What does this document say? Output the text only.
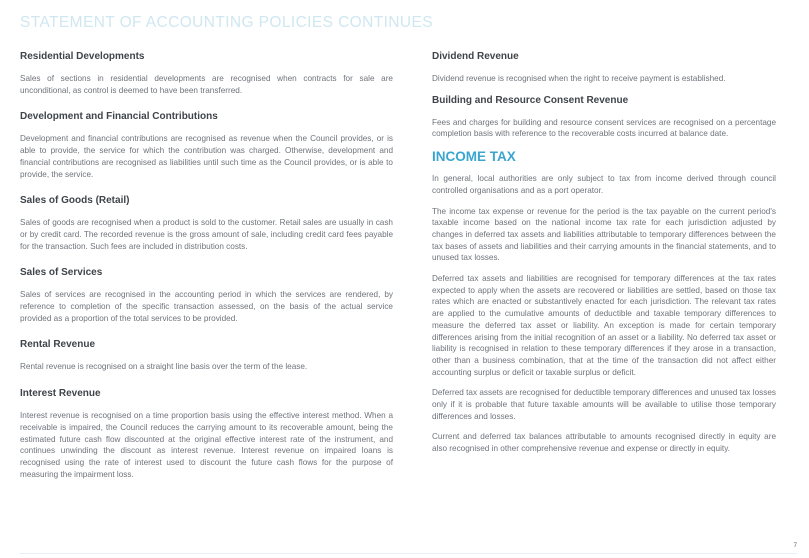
STATEMENT OF ACCOUNTING POLICIES CONTINUES
Residential Developments
Sales of sections in residential developments are recognised when contracts for sale are unconditional, as control is deemed to have been transferred.
Development and Financial Contributions
Development and financial contributions are recognised as revenue when the Council provides, or is able to provide, the service for which the contribution was charged. Otherwise, development and financial contributions are recognised as liabilities until such time as the Council provides, or is able to provide, the service.
Sales of Goods (Retail)
Sales of goods are recognised when a product is sold to the customer. Retail sales are usually in cash or by credit card. The recorded revenue is the gross amount of sale, including credit card fees payable for the transaction. Such fees are included in distribution costs.
Sales of Services
Sales of services are recognised in the accounting period in which the services are rendered, by reference to completion of the specific transaction assessed, on the basis of the actual service provided as a proportion of the total services to be provided.
Rental Revenue
Rental revenue is recognised on a straight line basis over the term of the lease.
Interest Revenue
Interest revenue is recognised on a time proportion basis using the effective interest method. When a receivable is impaired, the Council reduces the carrying amount to its recoverable amount, being the estimated future cash flow discounted at the original effective interest rate of the instrument, and continues unwinding the discount as interest revenue. Interest revenue on impaired loans is recognised using the rate of interest used to discount the future cash flows for the purpose of measuring the impairment loss.
Dividend Revenue
Dividend revenue is recognised when the right to receive payment is established.
Building and Resource Consent Revenue
Fees and charges for building and resource consent services are recognised on a percentage completion basis with reference to the recoverable costs incurred at balance date.
INCOME TAX
In general, local authorities are only subject to tax from income derived through council controlled organisations and as a port operator.
The income tax expense or revenue for the period is the tax payable on the current period's taxable income based on the national income tax rate for each jurisdiction adjusted by changes in deferred tax assets and liabilities attributable to temporary differences between the tax bases of assets and liabilities and their carrying amounts in the financial statements, and to unused tax losses.
Deferred tax assets and liabilities are recognised for temporary differences at the tax rates expected to apply when the assets are recovered or liabilities are settled, based on those tax rates which are enacted or substantively enacted for each jurisdiction. The relevant tax rates are applied to the cumulative amounts of deductible and taxable temporary differences to measure the deferred tax asset or liability. An exception is made for certain temporary differences arising from the initial recognition of an asset or a liability. No deferred tax asset or liability is recognised in relation to these temporary differences if they arose in a transaction, other than a business combination, that at the time of the transaction did not affect either accounting surplus or deficit or taxable surplus or deficit.
Deferred tax assets are recognised for deductible temporary differences and unused tax losses only if it is probable that future taxable amounts will be available to utilise those temporary differences and losses.
Current and deferred tax balances attributable to amounts recognised directly in equity are also recognised in other comprehensive revenue and expense or directly in equity.
7
